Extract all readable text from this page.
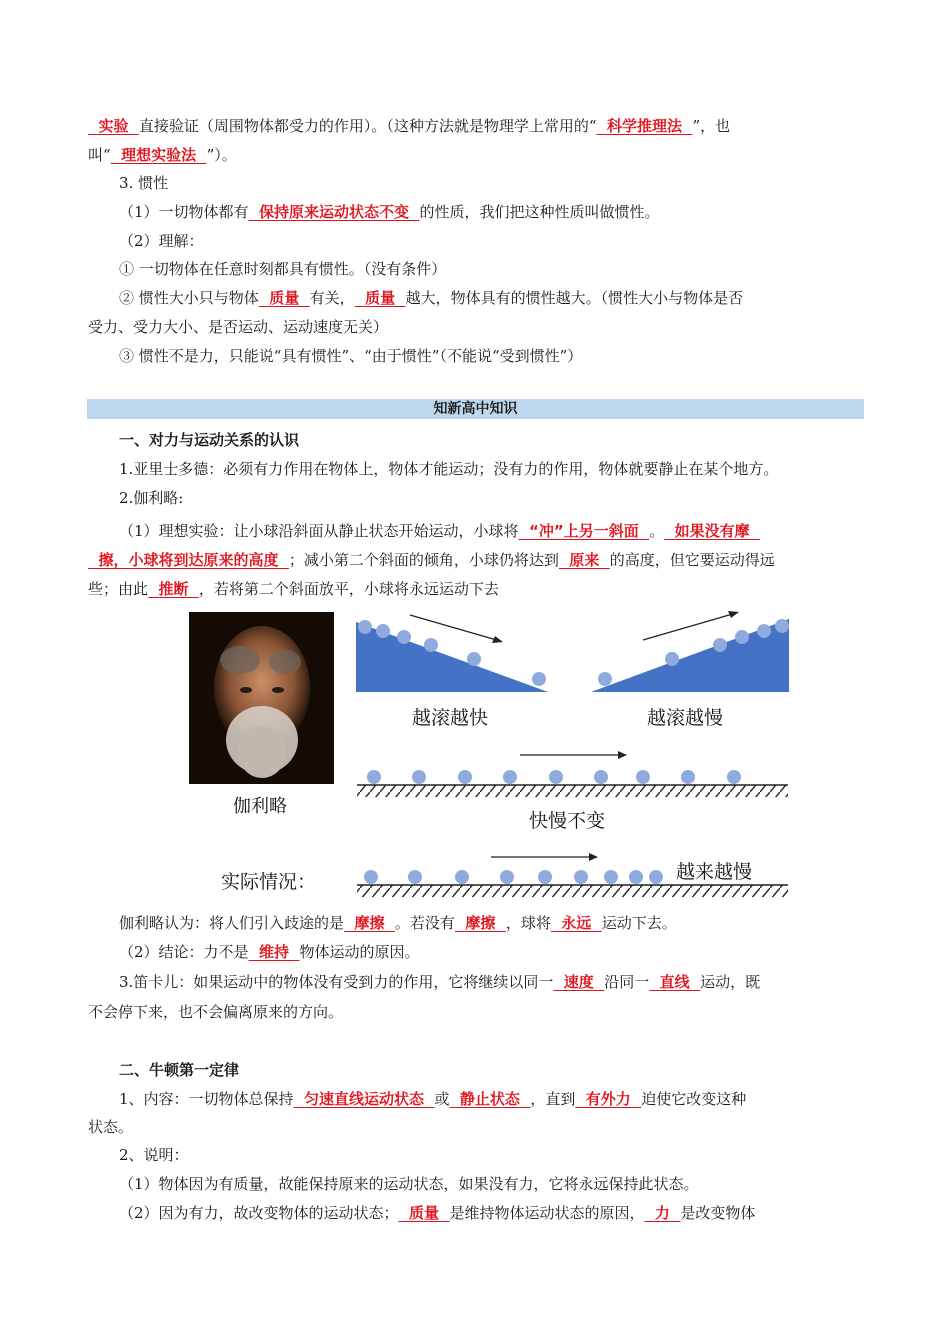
实验  直接验证（周围物体都受力的作用）。（这种方法就是物理学上常用的“  科学推理法  ”，也
叫“  理想实验法  ”）。
3. 惯性
（1）一切物体都有  保持原来运动状态不变  的性质，我们把这种性质叫做惯性。
（2）理解：
① 一切物体在任意时刻都具有惯性。（没有条件）
② 惯性大小只与物体  质量  有关，  质量  越大，物体具有的惯性越大。（惯性大小与物体是否
受力、受力大小、是否运动、运动速度无关）
③ 惯性不是力，只能说“具有惯性”、“由于惯性”（不能说“受到惯性”）
知新高中知识
一、对力与运动关系的认识
1.亚里士多德：必须有力作用在物体上，物体才能运动；没有力的作用，物体就要静止在某个地方。
2.伽利略:
（1）理想实验：让小球沿斜面从静止状态开始运动，小球将  “冲”上另一斜面  。  如果没有摩
擦，小球将到达原来的高度  ；减小第二个斜面的倾角，小球仍将达到  原来  的高度，但它要运动得远
些；由此  推断  ，若将第二个斜面放平，小球将永远运动下去
伽利略
越滚越快	越滚越慢
快慢不变
实际情况：	越来越慢
伽利略认为：将人们引入歧途的是  摩擦  。若没有  摩擦  ，球将  永远  运动下去。
（2）结论：力不是  维持  物体运动的原因。
3.笛卡儿：如果运动中的物体没有受到力的作用，它将继续以同一  速度  沿同一  直线  运动，既
不会停下来，也不会偏离原来的方向。
二、牛顿第一定律
1、内容：一切物体总保持  匀速直线运动状态  或  静止状态  ，直到  有外力  迫使它改变这种
状态。
2、说明：
（1）物体因为有质量，故能保持原来的运动状态，如果没有力，它将永远保持此状态。
（2）因为有力，故改变物体的运动状态；  质量  是维持物体运动状态的原因，  力  是改变物体
